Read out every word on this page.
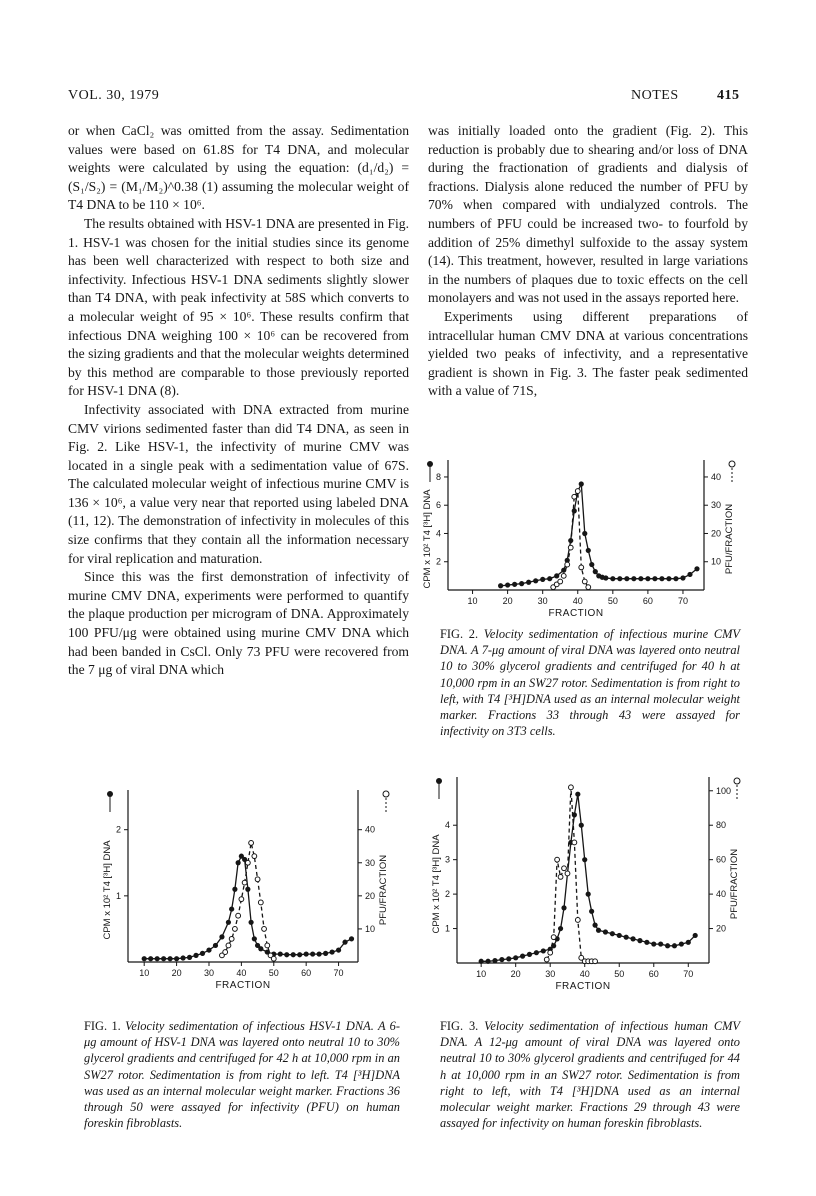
VOL. 30, 1979	NOTES	415

or when CaCl₂ was omitted from the assay. Sedimentation values were based on 61.8S for T4 DNA, and molecular weights were calculated by using the equation: (d₁/d₂) = (S₁/S₂) = (M₁/M₂)^0.38 (1) assuming the molecular weight of T4 DNA to be 110 × 10⁶.

The results obtained with HSV-1 DNA are presented in Fig. 1. HSV-1 was chosen for the initial studies since its genome has been well characterized with respect to both size and infectivity. Infectious HSV-1 DNA sediments slightly slower than T4 DNA, with peak infectivity at 58S which converts to a molecular weight of 95 × 10⁶. These results confirm that infectious DNA weighing 100 × 10⁶ can be recovered from the sizing gradients and that the molecular weights determined by this method are comparable to those previously reported for HSV-1 DNA (8).

Infectivity associated with DNA extracted from murine CMV virions sedimented faster than did T4 DNA, as seen in Fig. 2. Like HSV-1, the infectivity of murine CMV was located in a single peak with a sedimentation value of 67S. The calculated molecular weight of infectious murine CMV is 136 × 10⁶, a value very near that reported using labeled DNA (11, 12). The demonstration of infectivity in molecules of this size confirms that they contain all the information necessary for viral replication and maturation.

Since this was the first demonstration of infectivity of murine CMV DNA, experiments were performed to quantify the plaque production per microgram of DNA. Approximately 100 PFU/μg were obtained using murine CMV DNA which had been banded in CsCl. Only 73 PFU were recovered from the 7 μg of viral DNA which

was initially loaded onto the gradient (Fig. 2). This reduction is probably due to shearing and/or loss of DNA during the fractionation of gradients and dialysis of fractions. Dialysis alone reduced the number of PFU by 70% when compared with undialyzed controls. The numbers of PFU could be increased two- to fourfold by addition of 25% dimethyl sulfoxide to the assay system (14). This treatment, however, resulted in large variations in the numbers of plaques due to toxic effects on the cell monolayers and was not used in the assays reported here.

Experiments using different preparations of intracellular human CMV DNA at various concentrations yielded two peaks of infectivity, and a representative gradient is shown in Fig. 3. The faster peak sedimented with a value of 71S,

10	20	30	40	50	60	70
FRACTION
2
4
6
8
10
20
30
40
CPM x 10² T4 [³H] DNA	PFU/FRACTION
10 20 30 40 50 60 70
FRACTION
1
2
10
20
30
40
CPM x 10² T4 [³H] DNA	PFU/FRACTION
10	20	30	40	50	60	70
FRACTION
1
2
3
4
20
40
60
80
100
CPM x 10² T4 [³H] DNA	PFU/FRACTION
FIG. 2. Velocity sedimentation of infectious murine CMV DNA. A 7-μg amount of viral DNA was layered onto neutral 10 to 30% glycerol gradients and centrifuged for 40 h at 10,000 rpm in an SW27 rotor. Sedimentation is from right to left, with T4 [³H]DNA used as an internal molecular weight marker. Fractions 33 through 43 were assayed for infectivity on 3T3 cells.
FIG. 1. Velocity sedimentation of infectious HSV-1 DNA. A 6-μg amount of HSV-1 DNA was layered onto neutral 10 to 30% glycerol gradients and centrifuged for 42 h at 10,000 rpm in an SW27 rotor. Sedimentation is from right to left. T4 [³H]DNA was used as an internal molecular weight marker. Fractions 36 through 50 were assayed for infectivity (PFU) on human foreskin fibroblasts.
FIG. 3. Velocity sedimentation of infectious human CMV DNA. A 12-μg amount of viral DNA was layered onto neutral 10 to 30% glycerol gradients and centrifuged for 44 h at 10,000 rpm in an SW27 rotor. Sedimentation is from right to left, with T4 [³H]DNA used as an internal molecular weight marker. Fractions 29 through 43 were assayed for infectivity on human foreskin fibroblasts.
